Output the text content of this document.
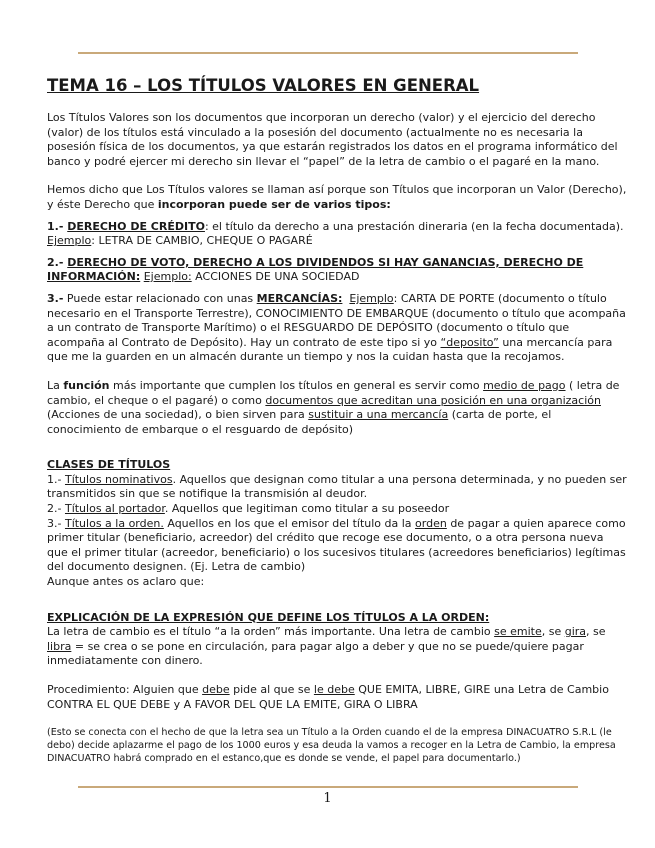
TEMA 16 – LOS TÍTULOS VALORES EN GENERAL

Los Títulos Valores son los documentos que incorporan un derecho (valor) y el ejercicio del derecho (valor) de los títulos está vinculado a la posesión del documento (actualmente no es necesaria la posesión física de los documentos, ya que estarán registrados los datos en el programa informático del banco y podré ejercer mi derecho sin llevar el “papel” de la letra de cambio o el pagaré en la mano.

Hemos dicho que Los Títulos valores se llaman así porque son Títulos que incorporan un Valor (Derecho), y éste Derecho que incorporan puede ser de varios tipos:

1.- DERECHO DE CRÉDITO: el título da derecho a una prestación dineraria (en la fecha documentada).
Ejemplo: LETRA DE CAMBIO, CHEQUE O PAGARÉ

2.- DERECHO DE VOTO, DERECHO A LOS DIVIDENDOS SI HAY GANANCIAS, DERECHO DE INFORMACIÓN: Ejemplo: ACCIONES DE UNA SOCIEDAD

3.- Puede estar relacionado con unas MERCANCÍAS: Ejemplo: CARTA DE PORTE (documento o título necesario en el Transporte Terrestre), CONOCIMIENTO DE EMBARQUE (documento o título que acompaña a un contrato de Transporte Marítimo) o el RESGUARDO DE DEPÓSITO (documento o título que acompaña al Contrato de Depósito). Hay un contrato de este tipo si yo “deposito” una mercancía para que me la guarden en un almacén durante un tiempo y nos la cuidan hasta que la recojamos.

La función más importante que cumplen los títulos en general es servir como medio de pago ( letra de cambio, el cheque o el pagaré) o como documentos que acreditan una posición en una organización (Acciones de una sociedad), o bien sirven para sustituir a una mercancía (carta de porte, el conocimiento de embarque o el resguardo de depósito)

CLASES DE TÍTULOS

1.- Títulos nominativos. Aquellos que designan como titular a una persona determinada, y no pueden ser transmitidos sin que se notifique la transmisión al deudor.

2.- Títulos al portador. Aquellos que legitiman como titular a su poseedor

3.- Títulos a la orden. Aquellos en los que el emisor del título da la orden de pagar a quien aparece como primer titular (beneficiario, acreedor) del crédito que recoge ese documento, o a otra persona nueva que el primer titular (acreedor, beneficiario) o los sucesivos titulares (acreedores beneficiarios) legítimas del documento designen. (Ej. Letra de cambio)

Aunque antes os aclaro que:

EXPLICACIÓN DE LA EXPRESIÓN QUE DEFINE LOS TÍTULOS A LA ORDEN:

La letra de cambio es el título “a la orden” más importante. Una letra de cambio se emite, se gira, se libra = se crea o se pone en circulación, para pagar algo a deber y que no se puede/quiere pagar inmediatamente con dinero.

Procedimiento: Alguien que debe pide al que se le debe QUE EMITA, LIBRE, GIRE una Letra de Cambio CONTRA EL QUE DEBE y A FAVOR DEL QUE LA EMITE, GIRA O LIBRA

(Esto se conecta con el hecho de que la letra sea un Título a la Orden cuando el de la empresa DINACUATRO S.R.L (le debo) decide aplazarme el pago de los 1000 euros y esa deuda la vamos a recoger en la Letra de Cambio, la empresa DINACUATRO habrá comprado en el estanco,que es donde se vende, el papel para documentarlo.)

1
